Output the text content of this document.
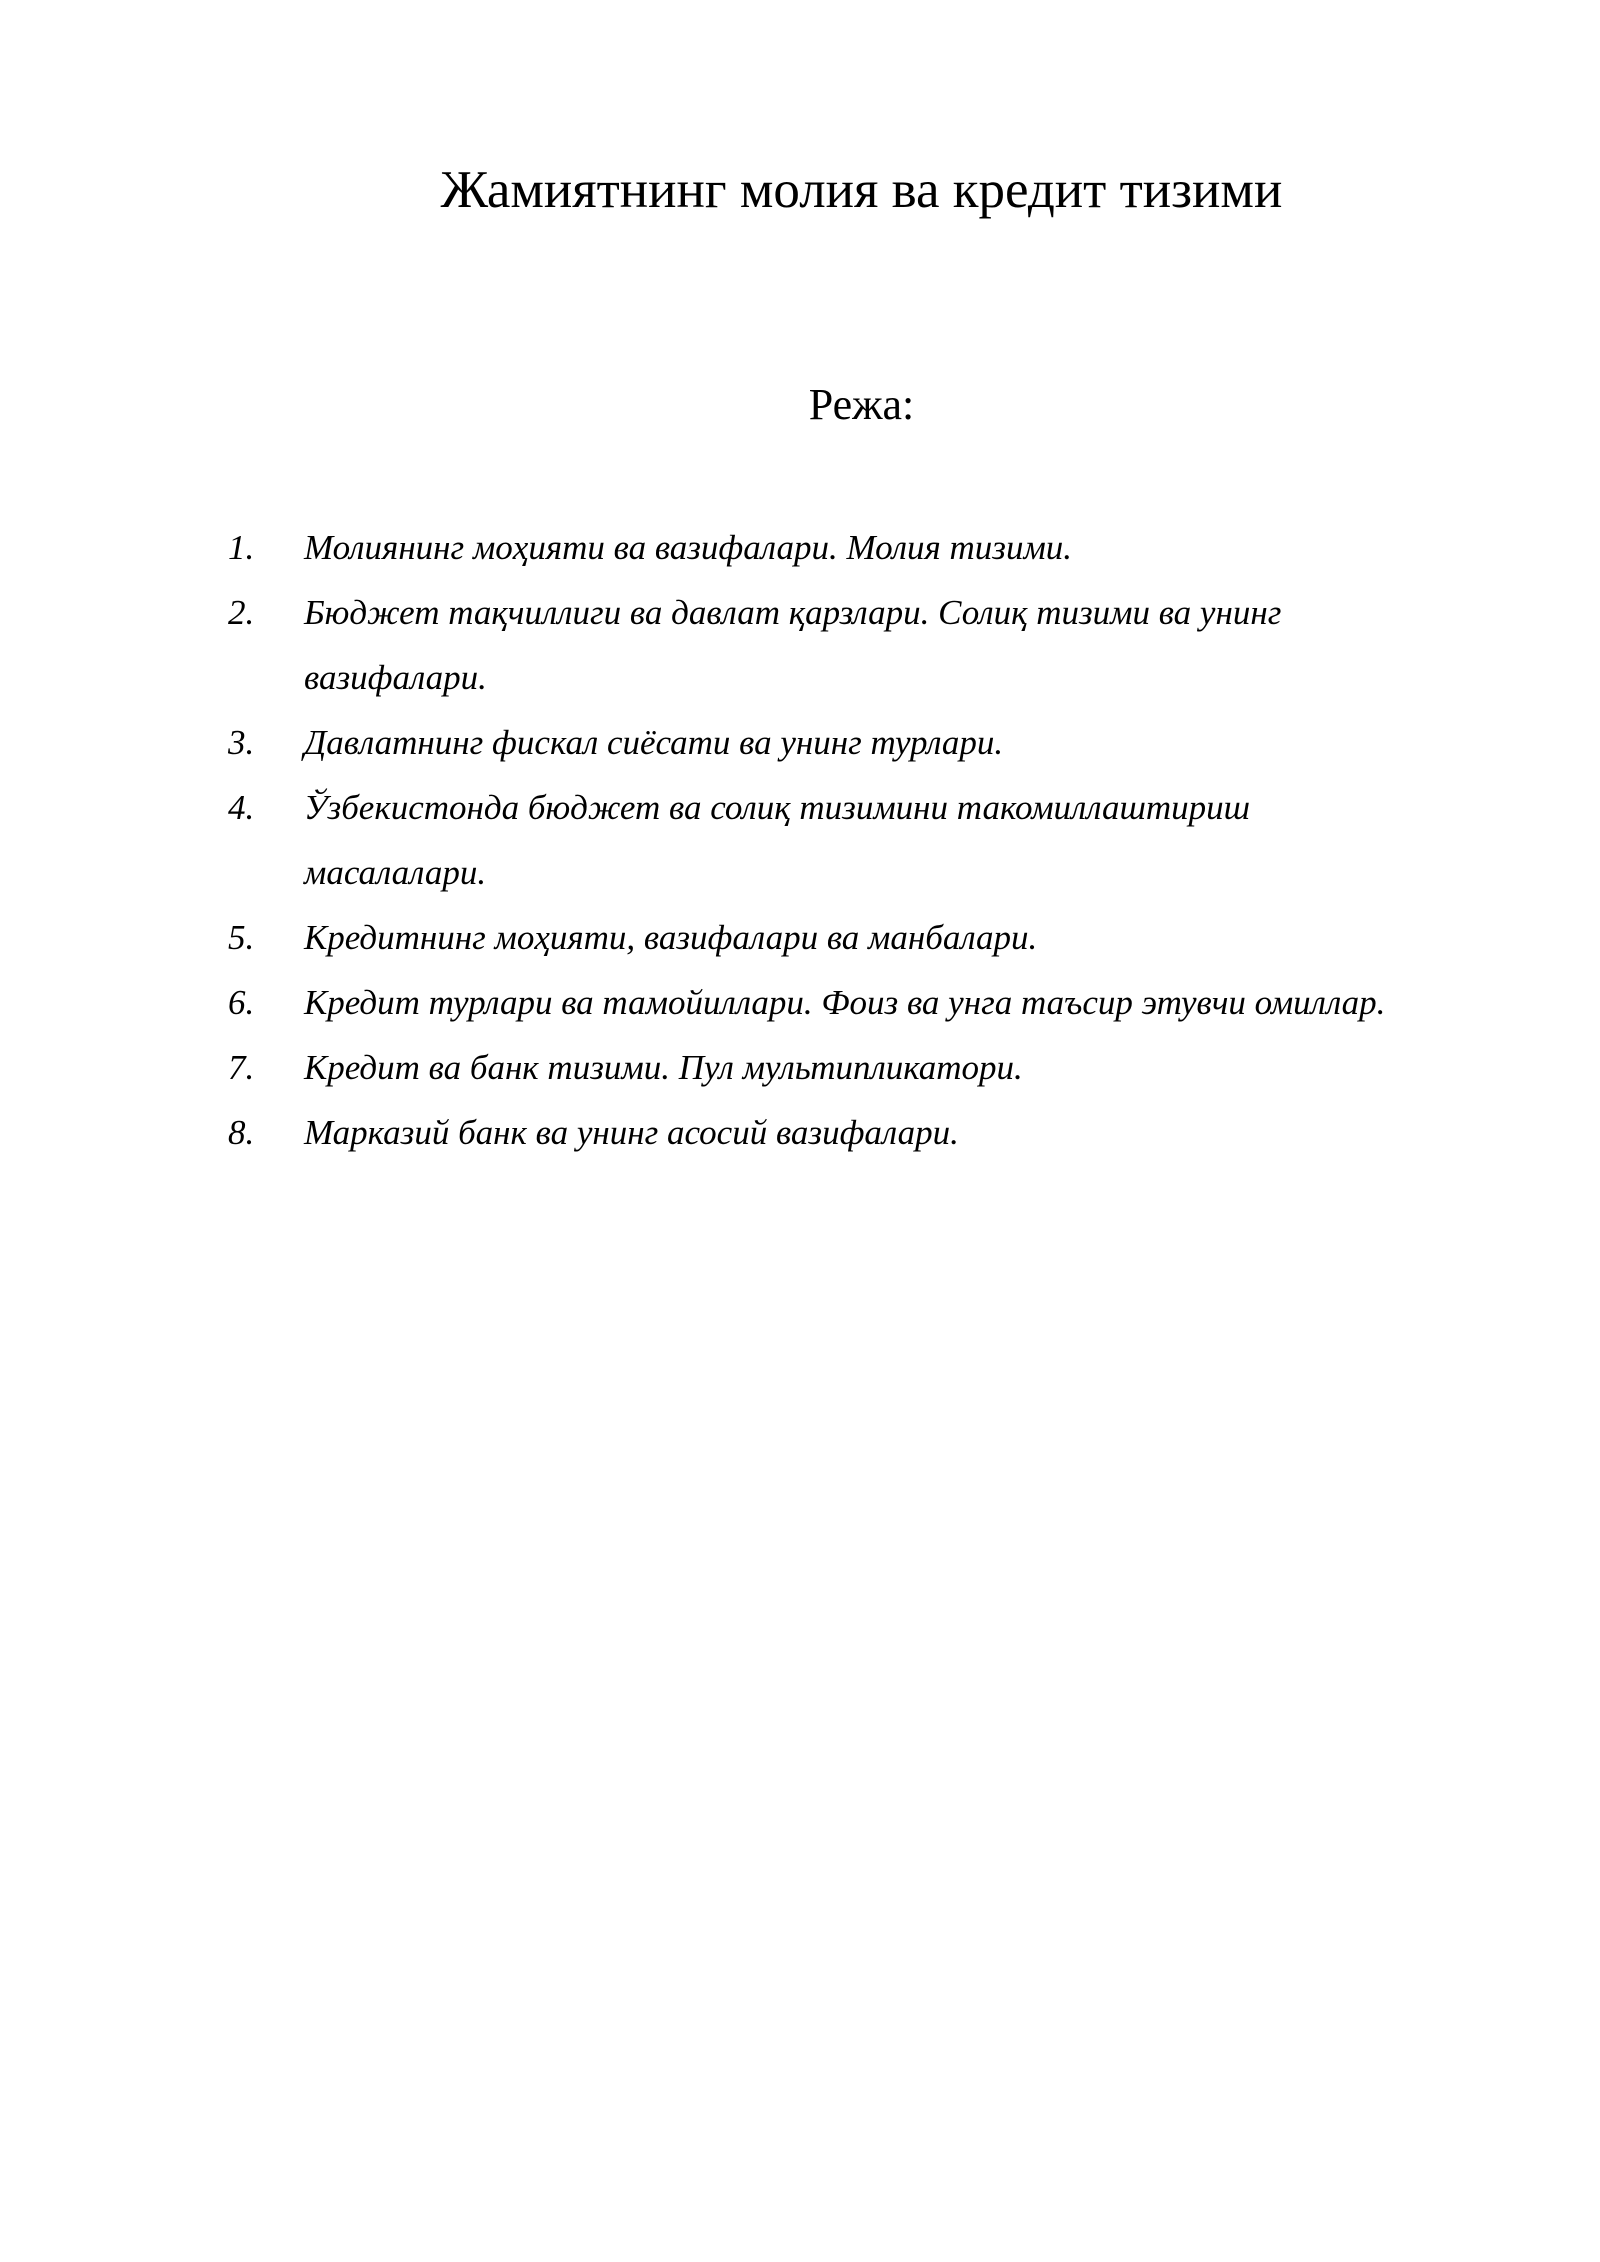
Жамиятнинг молия ва кредит тизими
Режа:
1.	Молиянинг моҳияти ва вазифалари. Молия тизими.
2.	Бюджет тақчиллиги ва давлат қарзлари. Солиқ тизими ва унинг вазифалари.
3.	Давлатнинг фискал сиёсати ва унинг турлари.
4.	Ўзбекистонда бюджет ва солиқ тизимини такомиллаштириш масалалари.
5.	Кредитнинг моҳияти, вазифалари ва манбалари.
6.	Кредит турлари ва тамойиллари. Фоиз ва унга таъсир этувчи омиллар.
7.	Кредит ва банк тизими. Пул мультипликатори.
8.	Марказий банк ва унинг асосий вазифалари.
